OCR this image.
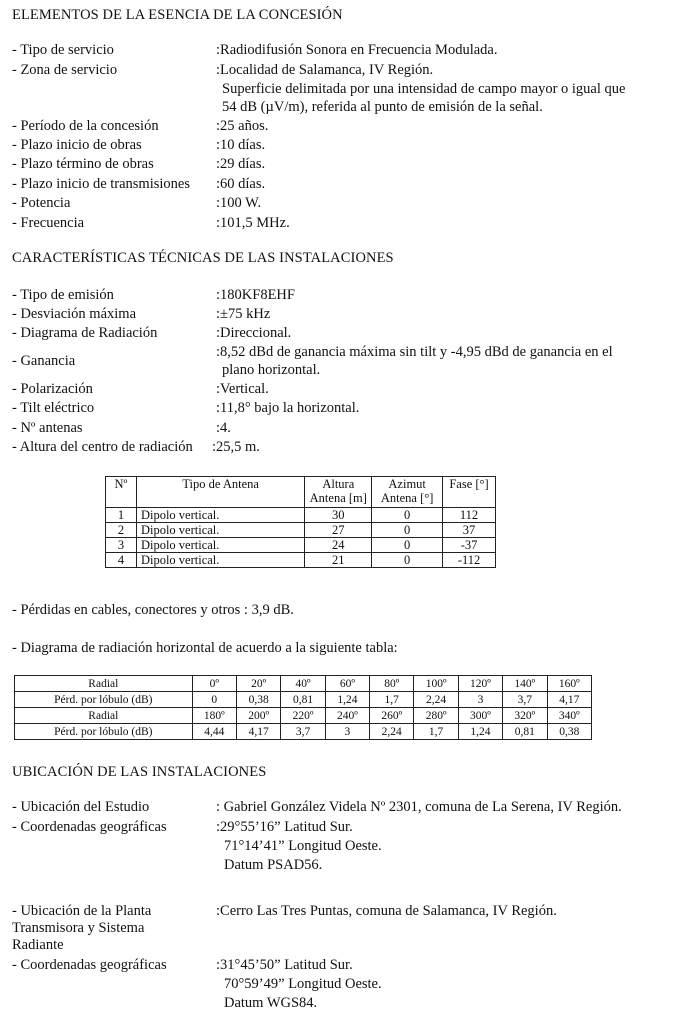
ELEMENTOS DE LA ESENCIA DE LA CONCESIÓN
- Tipo de servicio	:Radiodifusión Sonora en Frecuencia Modulada.
- Zona de servicio	:Localidad de Salamanca, IV Región.
Superficie delimitada por una intensidad de campo mayor o igual que
54 dB (µV/m), referida al punto de emisión de la señal.
- Período de la concesión	:25 años.
- Plazo inicio de obras	:10 días.
- Plazo término de obras	:29 días.
- Plazo inicio de transmisiones :60 días.
- Potencia	:100 W.
- Frecuencia	:101,5 MHz.
CARACTERÍSTICAS TÉCNICAS DE LAS INSTALACIONES
- Tipo de emisión	:180KF8EHF
- Desviación máxima	:±75 kHz
- Diagrama de Radiación	:Direccional.
- Ganancia
:8,52 dBd de ganancia máxima sin tilt y -4,95 dBd de ganancia en el
plano horizontal.
- Polarización	:Vertical.
- Tilt eléctrico	:11,8° bajo la horizontal.
- Nº antenas	:4.
- Altura del centro de radiación :25,5 m.
Nº	Tipo de Antena	Altura Antena [m]	Azimut Antena [°]	Fase [°]
1	Dipolo vertical.	30	0	112
2	Dipolo vertical.	27	0	37
3	Dipolo vertical.	24	0	-37
4	Dipolo vertical.	21	0	-112
- Pérdidas en cables, conectores y otros : 3,9 dB.
- Diagrama de radiación horizontal de acuerdo a la siguiente tabla:
Radial	0º	20º	40º	60º	80º	100º	120º	140º	160º
Pérd. por lóbulo (dB)	0	0,38	0,81	1,24	1,7	2,24	3	3,7	4,17
Radial	180º	200º	220º	240º	260º	280º	300º	320º	340º
Pérd. por lóbulo (dB)	4,44	4,17	3,7	3	2,24	1,7	1,24	0,81	0,38
UBICACIÓN DE LAS INSTALACIONES
- Ubicación del Estudio	: Gabriel González Videla Nº 2301, comuna de La Serena, IV Región.
- Coordenadas geográficas	:29°55’16” Latitud Sur.
71°14’41” Longitud Oeste.
Datum PSAD56.
- Ubicación de la Planta	:Cerro Las Tres Puntas, comuna de Salamanca, IV Región.
Transmisora y Sistema
Radiante
- Coordenadas geográficas	:31°45’50” Latitud Sur.
70°59’49” Longitud Oeste.
Datum WGS84.
